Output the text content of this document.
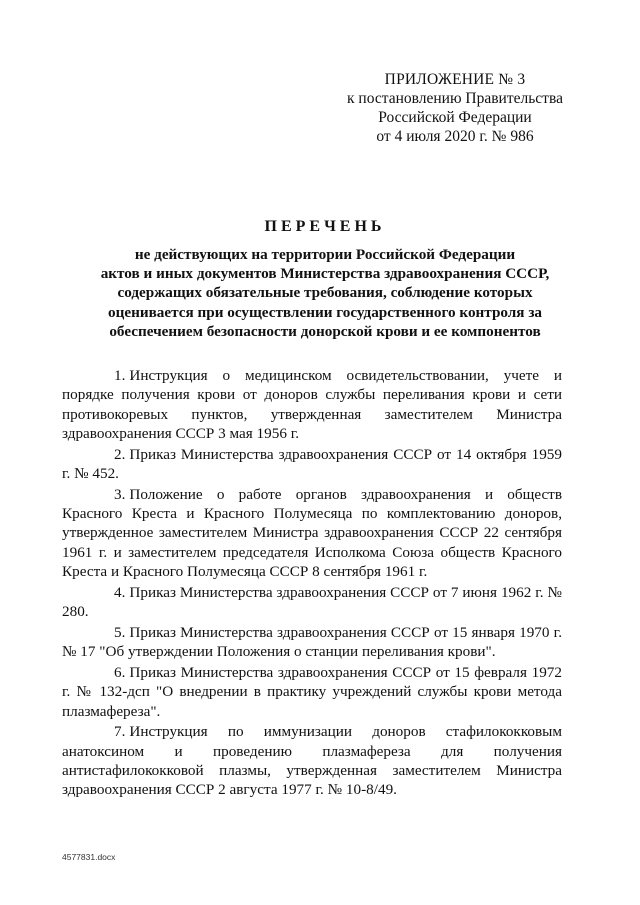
ПРИЛОЖЕНИЕ № 3
к постановлению Правительства
Российской Федерации
от 4 июля 2020 г. № 986
ПЕРЕЧЕНЬ
не действующих на территории Российской Федерации
актов и иных документов Министерства здравоохранения СССР,
содержащих обязательные требования, соблюдение которых
оценивается при осуществлении государственного контроля за
обеспечением безопасности донорской крови и ее компонентов

1. Инструкция о медицинском освидетельствовании, учете и порядке получения крови от доноров службы переливания крови и сети противокоревых пунктов, утвержденная заместителем Министра здравоохранения СССР 3 мая 1956 г.

2. Приказ Министерства здравоохранения СССР от 14 октября 1959 г. № 452.

3. Положение о работе органов здравоохранения и обществ Красного Креста и Красного Полумесяца по комплектованию доноров, утвержденное заместителем Министра здравоохранения СССР 22 сентября 1961 г. и заместителем председателя Исполкома Союза обществ Красного Креста и Красного Полумесяца СССР 8 сентября 1961 г.

4. Приказ Министерства здравоохранения СССР от 7 июня 1962 г. № 280.

5. Приказ Министерства здравоохранения СССР от 15 января 1970 г. № 17 "Об утверждении Положения о станции переливания крови".

6. Приказ Министерства здравоохранения СССР от 15 февраля 1972 г. № 132-дсп "О внедрении в практику учреждений службы крови метода плазмафереза".

7. Инструкция по иммунизации доноров стафилококковым анатоксином и проведению плазмафереза для получения антистафилококковой плазмы, утвержденная заместителем Министра здравоохранения СССР 2 августа 1977 г. № 10-8/49.

4577831.docx
